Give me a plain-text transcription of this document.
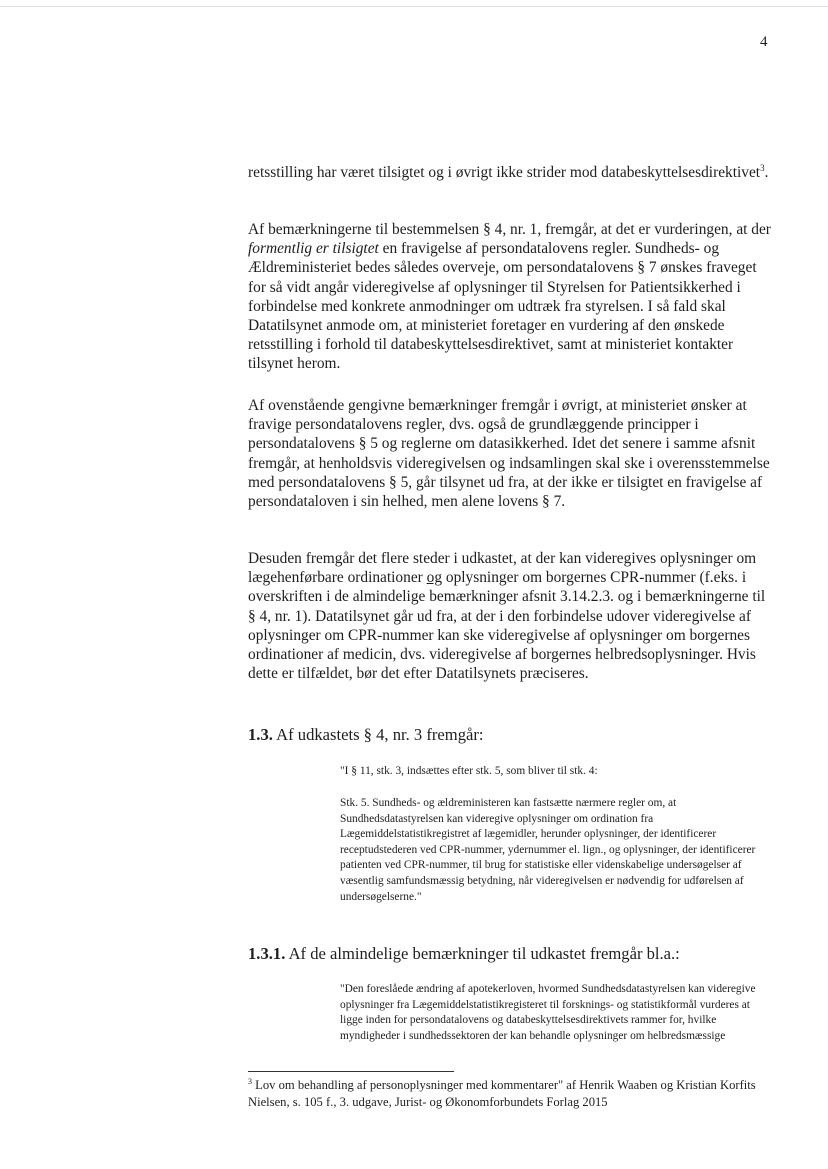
4

retsstilling har været tilsigtet og i øvrigt ikke strider mod databeskyttelsesdirektivet$^3$.

Af bemærkningerne til bestemmelsen § 4, nr. 1, fremgår, at det er vurderingen, at der formentlig er tilsigtet en fravigelse af persondatalovens regler. Sundheds- og Ældreministeriet bedes således overveje, om persondatalovens § 7 ønskes fraveget for så vidt angår videregivelse af oplysninger til Styrelsen for Patientsikkerhed i forbindelse med konkrete anmodninger om udtræk fra styrelsen. I så fald skal Datatilsynet anmode om, at ministeriet foretager en vurdering af den ønskede retsstilling i forhold til databeskyttelsesdirektivet, samt at ministeriet kontakter tilsynet herom.

Af ovenstående gengivne bemærkninger fremgår i øvrigt, at ministeriet ønsker at fravige persondatalovens regler, dvs. også de grundlæggende principper i persondatalovens § 5 og reglerne om datasikkerhed. Idet det senere i samme afsnit fremgår, at henholdsvis videregivelsen og indsamlingen skal ske i overensstemmelse med persondatalovens § 5, går tilsynet ud fra, at der ikke er tilsigtet en fravigelse af persondataloven i sin helhed, men alene lovens § 7.

Desuden fremgår det flere steder i udkastet, at der kan videregives oplysninger om lægehenførbare ordinationer og oplysninger om borgernes CPR-nummer (f.eks. i overskriften i de almindelige bemærkninger afsnit 3.14.2.3. og i bemærkningerne til § 4, nr. 1). Datatilsynet går ud fra, at der i den forbindelse udover videregivelse af oplysninger om CPR-nummer kan ske videregivelse af oplysninger om borgernes ordinationer af medicin, dvs. videregivelse af borgernes helbredsoplysninger. Hvis dette er tilfældet, bør det efter Datatilsynets præciseres.

1.3. Af udkastets § 4, nr. 3 fremgår:

"I § 11, stk. 3, indsættes efter stk. 5, som bliver til stk. 4:

Stk. 5. Sundheds- og ældreministeren kan fastsætte nærmere regler om, at Sundhedsdatastyrelsen kan videregive oplysninger om ordination fra Lægemiddelstatistikregistret af lægemidler, herunder oplysninger, der identificerer receptudstederen ved CPR-nummer, ydernummer el. lign., og oplysninger, der identificerer patienten ved CPR-nummer, til brug for statistiske eller videnskabelige undersøgelser af væsentlig samfundsmæssig betydning, når videregivelsen er nødvendig for udførelsen af undersøgelserne."

1.3.1. Af de almindelige bemærkninger til udkastet fremgår bl.a.:

"Den foreslåede ændring af apotekerloven, hvormed Sundhedsdatastyrelsen kan videregive oplysninger fra Lægemiddelstatistikregisteret til forsknings- og statistikformål vurderes at ligge inden for persondatalovens og databeskyttelsesdirektivets rammer for, hvilke myndigheder i sundhedssektoren der kan behandle oplysninger om helbredsmæssige

$^3$ Lov om behandling af personoplysninger med kommentarer" af Henrik Waaben og Kristian Korfits Nielsen, s. 105 f., 3. udgave, Jurist- og Økonomforbundets Forlag 2015
